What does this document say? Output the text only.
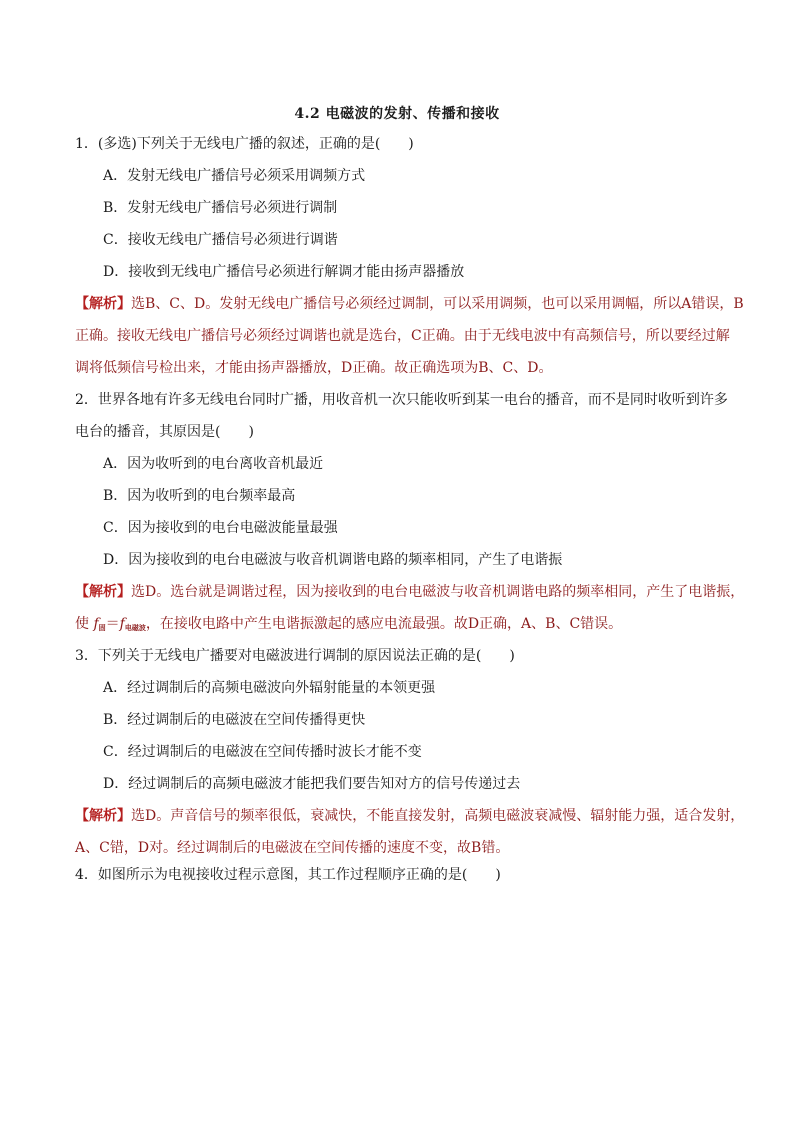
4.2 电磁波的发射、传播和接收
1．(多选)下列关于无线电广播的叙述，正确的是(　　)
A．发射无线电广播信号必须采用调频方式
B．发射无线电广播信号必须进行调制
C．接收无线电广播信号必须进行调谐
D．接收到无线电广播信号必须进行解调才能由扬声器播放
【解析】选B、C、D。发射无线电广播信号必须经过调制，可以采用调频，也可以采用调幅，所以A错误，B
正确。接收无线电广播信号必须经过调谐也就是选台，C正确。由于无线电波中有高频信号，所以要经过解
调将低频信号检出来，才能由扬声器播放，D正确。故正确选项为B、C、D。
2．世界各地有许多无线电台同时广播，用收音机一次只能收听到某一电台的播音，而不是同时收听到许多
电台的播音，其原因是(　　)
A．因为收听到的电台离收音机最近
B．因为收听到的电台频率最高
C．因为接收到的电台电磁波能量最强
D．因为接收到的电台电磁波与收音机调谐电路的频率相同，产生了电谐振
【解析】选D。选台就是调谐过程，因为接收到的电台电磁波与收音机调谐电路的频率相同，产生了电谐振，
使 $f_固=f_{电磁波}$，在接收电路中产生电谐振激起的感应电流最强。故D正确，A、B、C错误。
3．下列关于无线电广播要对电磁波进行调制的原因说法正确的是(　　)
A．经过调制后的高频电磁波向外辐射能量的本领更强
B．经过调制后的电磁波在空间传播得更快
C．经过调制后的电磁波在空间传播时波长才能不变
D．经过调制后的高频电磁波才能把我们要告知对方的信号传递过去
【解析】选D。声音信号的频率很低，衰减快，不能直接发射，高频电磁波衰减慢、辐射能力强，适合发射，
A、C错，D对。经过调制后的电磁波在空间传播的速度不变，故B错。
4．如图所示为电视接收过程示意图，其工作过程顺序正确的是(　　)
